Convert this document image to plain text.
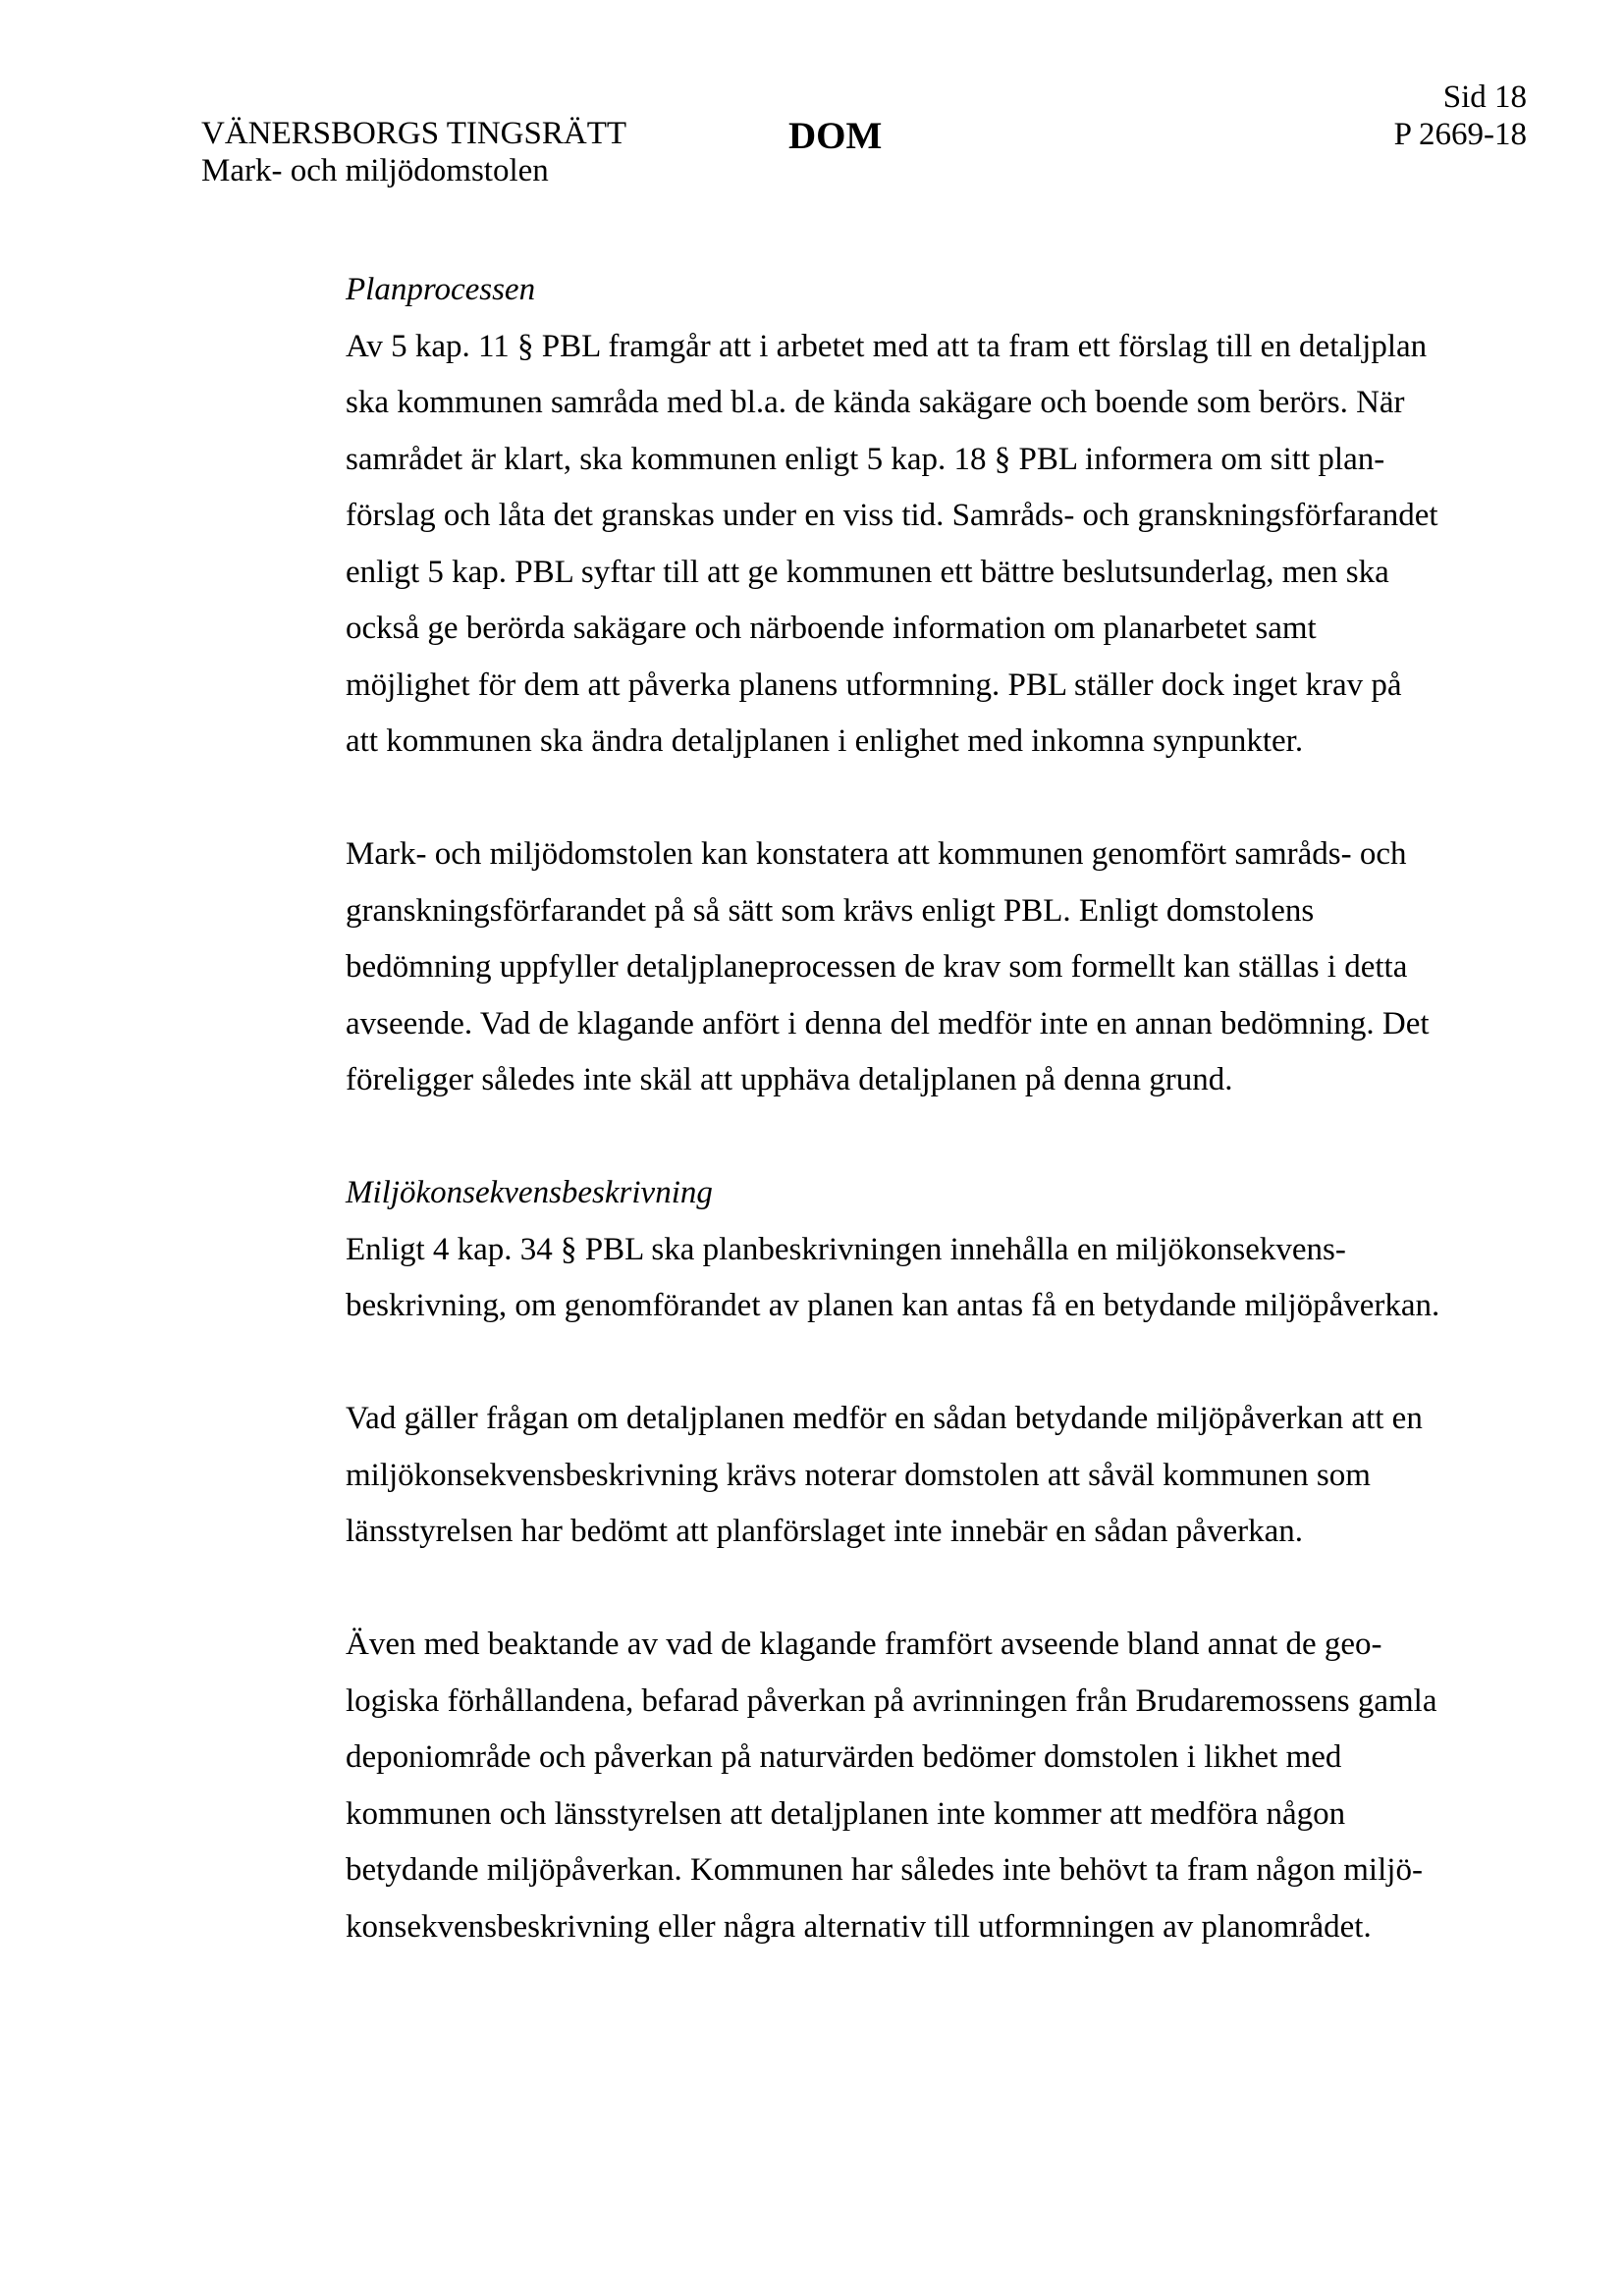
VÄNERSBORGS TINGSRÄTT
Mark- och miljödomstolen
DOM
Sid 18
P 2669-18
Planprocessen
Av 5 kap. 11 § PBL framgår att i arbetet med att ta fram ett förslag till en detaljplan
ska kommunen samråda med bl.a. de kända sakägare och boende som berörs. När
samrådet är klart, ska kommunen enligt 5 kap. 18 § PBL informera om sitt plan-
förslag och låta det granskas under en viss tid. Samråds- och granskningsförfarandet
enligt 5 kap. PBL syftar till att ge kommunen ett bättre beslutsunderlag, men ska
också ge berörda sakägare och närboende information om planarbetet samt
möjlighet för dem att påverka planens utformning. PBL ställer dock inget krav på
att kommunen ska ändra detaljplanen i enlighet med inkomna synpunkter.
Mark- och miljödomstolen kan konstatera att kommunen genomfört samråds- och
granskningsförfarandet på så sätt som krävs enligt PBL. Enligt domstolens
bedömning uppfyller detaljplaneprocessen de krav som formellt kan ställas i detta
avseende. Vad de klagande anfört i denna del medför inte en annan bedömning. Det
föreligger således inte skäl att upphäva detaljplanen på denna grund.
Miljökonsekvensbeskrivning
Enligt 4 kap. 34 § PBL ska planbeskrivningen innehålla en miljökonsekvens-
beskrivning, om genomförandet av planen kan antas få en betydande miljöpåverkan.
Vad gäller frågan om detaljplanen medför en sådan betydande miljöpåverkan att en
miljökonsekvensbeskrivning krävs noterar domstolen att såväl kommunen som
länsstyrelsen har bedömt att planförslaget inte innebär en sådan påverkan.
Även med beaktande av vad de klagande framfört avseende bland annat de geo-
logiska förhållandena, befarad påverkan på avrinningen från Brudaremossens gamla
deponiområde och påverkan på naturvärden bedömer domstolen i likhet med
kommunen och länsstyrelsen att detaljplanen inte kommer att medföra någon
betydande miljöpåverkan. Kommunen har således inte behövt ta fram någon miljö-
konsekvensbeskrivning eller några alternativ till utformningen av planområdet.
